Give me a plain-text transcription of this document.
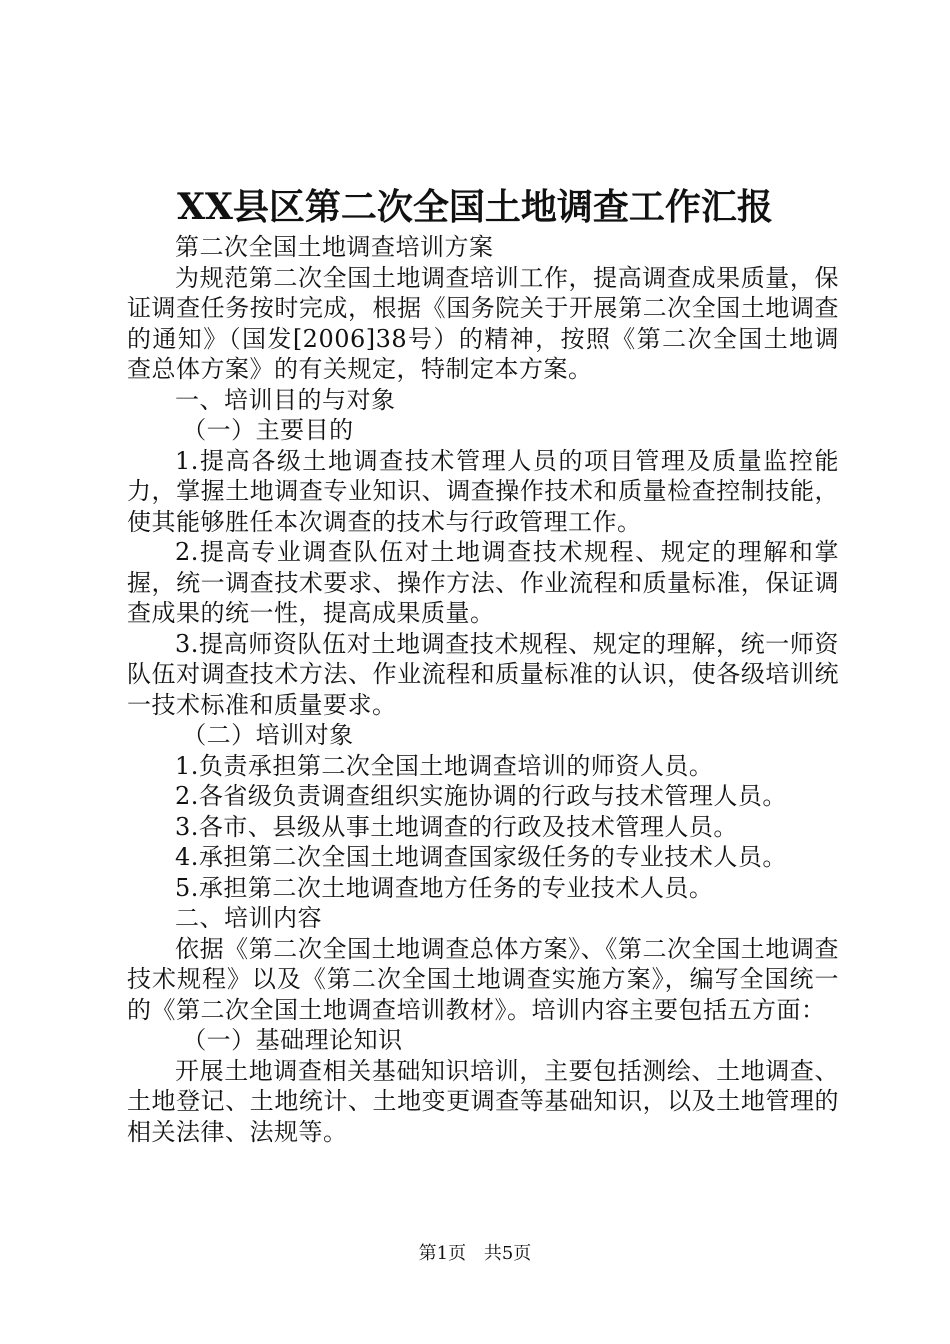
XX县区第二次全国土地调查工作汇报

第二次全国土地调查培训方案

为规范第二次全国土地调查培训工作，提高调查成果质量，保证调查任务按时完成，根据《国务院关于开展第二次全国土地调查的通知》（国发[2006]38号）的精神，按照《第二次全国土地调查总体方案》的有关规定，特制定本方案。

一、培训目的与对象

（一）主要目的

1.提高各级土地调查技术管理人员的项目管理及质量监控能力，掌握土地调查专业知识、调查操作技术和质量检查控制技能，使其能够胜任本次调查的技术与行政管理工作。

2.提高专业调查队伍对土地调查技术规程、规定的理解和掌握，统一调查技术要求、操作方法、作业流程和质量标准，保证调查成果的统一性，提高成果质量。

3.提高师资队伍对土地调查技术规程、规定的理解，统一师资队伍对调查技术方法、作业流程和质量标准的认识，使各级培训统一技术标准和质量要求。

（二）培训对象

1.负责承担第二次全国土地调查培训的师资人员。

2.各省级负责调查组织实施协调的行政与技术管理人员。

3.各市、县级从事土地调查的行政及技术管理人员。

4.承担第二次全国土地调查国家级任务的专业技术人员。

5.承担第二次土地调查地方任务的专业技术人员。

二、培训内容

依据《第二次全国土地调查总体方案》、《第二次全国土地调查技术规程》以及《第二次全国土地调查实施方案》，编写全国统一的《第二次全国土地调查培训教材》。培训内容主要包括五方面：

（一）基础理论知识

开展土地调查相关基础知识培训，主要包括测绘、土地调查、土地登记、土地统计、土地变更调查等基础知识，以及土地管理的相关法律、法规等。

第1页 共5页
